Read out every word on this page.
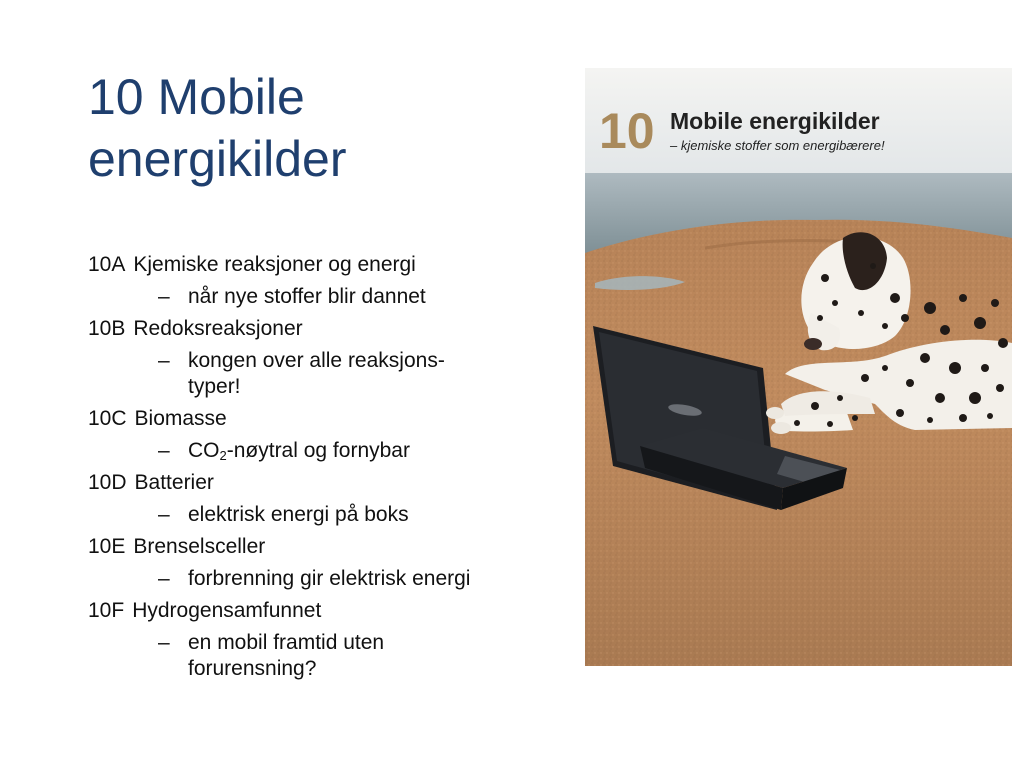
10 Mobile
energikilder
10A Kjemiske reaksjoner og energi
– når nye stoffer blir dannet
10B Redoksreaksjoner
– kongen over alle reaksjons-
typer!
10C Biomasse
– $CO_2$-nøytral og fornybar
10D Batterier
– elektrisk energi på boks
10E Brenselsceller
– forbrenning gir elektrisk energi
10F Hydrogensamfunnet
– en mobil framtid uten
forurensning?
10 Mobile energikilder
– kjemiske stoffer som energibærere!
